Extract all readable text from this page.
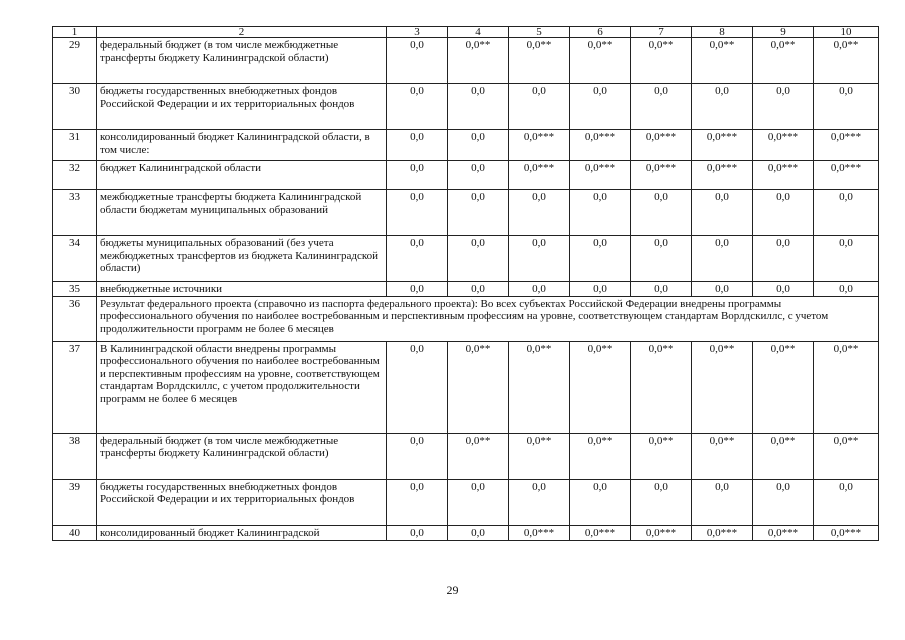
1	2	3	4	5	6	7	8	9	10
29	федеральный бюджет (в том числе межбюджетные трансферты бюджету Калининградской области)	0,0	0,0**	0,0**	0,0**	0,0**	0,0**	0,0**	0,0**
30	бюджеты государственных внебюджетных фондов Российской Федерации и их территориальных фондов	0,0	0,0	0,0	0,0	0,0	0,0	0,0	0,0
31	консолидированный бюджет Калининградской области, в том числе:	0,0	0,0	0,0***	0,0***	0,0***	0,0***	0,0***	0,0***
32	бюджет Калининградской области	0,0	0,0	0,0***	0,0***	0,0***	0,0***	0,0***	0,0***
33	межбюджетные трансферты бюджета Калининградской области бюджетам муниципальных образований	0,0	0,0	0,0	0,0	0,0	0,0	0,0	0,0
34	бюджеты муниципальных образований (без учета межбюджетных трансфертов из бюджета Калининградской области)	0,0	0,0	0,0	0,0	0,0	0,0	0,0	0,0
35	внебюджетные источники	0,0	0,0	0,0	0,0	0,0	0,0	0,0	0,0
36	Результат федерального проекта (справочно из паспорта федерального проекта): Во всех субъектах Российской Федерации внедрены программы профессионального обучения по наиболее востребованным и перспективным профессиям на уровне, соответствующем стандартам Ворлдскиллс, с учетом продолжительности программ не более 6 месяцев								
37	В Калининградской области внедрены программы профессионального обучения по наиболее востребованным и перспективным профессиям на уровне, соответствующем стандартам Ворлдскиллс, с учетом продолжительности программ не более 6 месяцев	0,0	0,0**	0,0**	0,0**	0,0**	0,0**	0,0**	0,0**
38	федеральный бюджет (в том числе межбюджетные трансферты бюджету Калининградской области)	0,0	0,0**	0,0**	0,0**	0,0**	0,0**	0,0**	0,0**
39	бюджеты государственных внебюджетных фондов Российской Федерации и их территориальных фондов	0,0	0,0	0,0	0,0	0,0	0,0	0,0	0,0
40	консолидированный бюджет Калининградской	0,0	0,0	0,0***	0,0***	0,0***	0,0***	0,0***	0,0***
29
